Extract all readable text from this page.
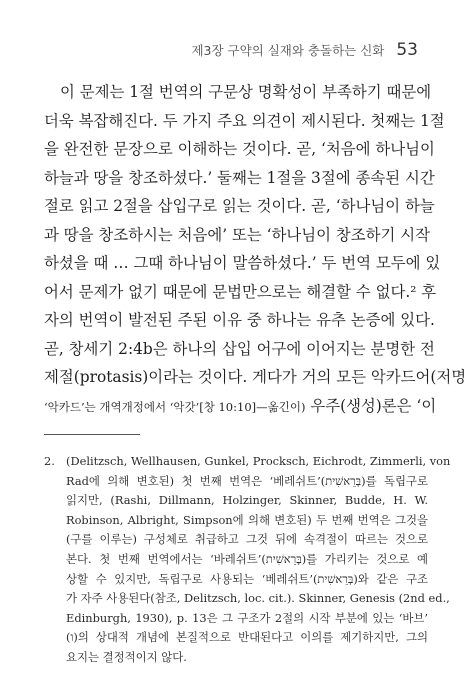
제3장 구약의 실재와 충돌하는 신화 53
이 문제는 1절 번역의 구문상 명확성이 부족하기 때문에
더욱 복잡해진다. 두 가지 주요 의견이 제시된다. 첫째는 1절
을 완전한 문장으로 이해하는 것이다. 곧, ‘처음에 하나님이
하늘과 땅을 창조하셨다.’ 둘째는 1절을 3절에 종속된 시간
절로 읽고 2절을 삽입구로 읽는 것이다. 곧, ‘하나님이 하늘
과 땅을 창조하시는 처음에’ 또는 ‘하나님이 창조하기 시작
하셨을 때 … 그때 하나님이 말씀하셨다.’ 두 번역 모두에 있
어서 문제가 없기 때문에 문법만으로는 해결할 수 없다.² 후
자의 번역이 발전된 주된 이유 중 하나는 유추 논증에 있다.
곧, 창세기 2:4b은 하나의 삽입 어구에 이어지는 분명한 전
제절(protasis)이라는 것이다. 게다가 거의 모든 악카드어(저명
‘악카드’는 개역개정에서 ‘악갓’[창 10:10]—옮긴이) 우주(생성)론은 ‘이
2. (Delitzsch, Wellhausen, Gunkel, Procksch, Eichrodt, Zimmerli, von
Rad에 의해 변호된) 첫 번째 번역은 ‘베레쉬트’(בְּרֵאשִׁית)를 독립구로
읽지만, (Rashi, Dillmann, Holzinger, Skinner, Budde, H. W.
Robinson, Albright, Simpson에 의해 변호된) 두 번째 번역은 그것을
(구를 이루는) 구성체로 취급하고 그것 뒤에 속격절이 따르는 것으로
본다. 첫 번째 번역에서는 ‘바레쉬트’(בָּרֵאשִׁית)를 가리키는 것으로 예
상할 수 있지만, 독립구로 사용되는 ‘베레쉬트’(בְּרֵאשִׁית)와 같은 구조
가 자주 사용된다(참조, Delitzsch, loc. cit.). Skinner, Genesis (2nd ed.,
Edinburgh, 1930), p. 13은 그 구조가 2절의 시작 부분에 있는 ‘바브’
(ו)의 상대적 개념에 본질적으로 반대된다고 이의를 제기하지만, 그의
요지는 결정적이지 않다.
